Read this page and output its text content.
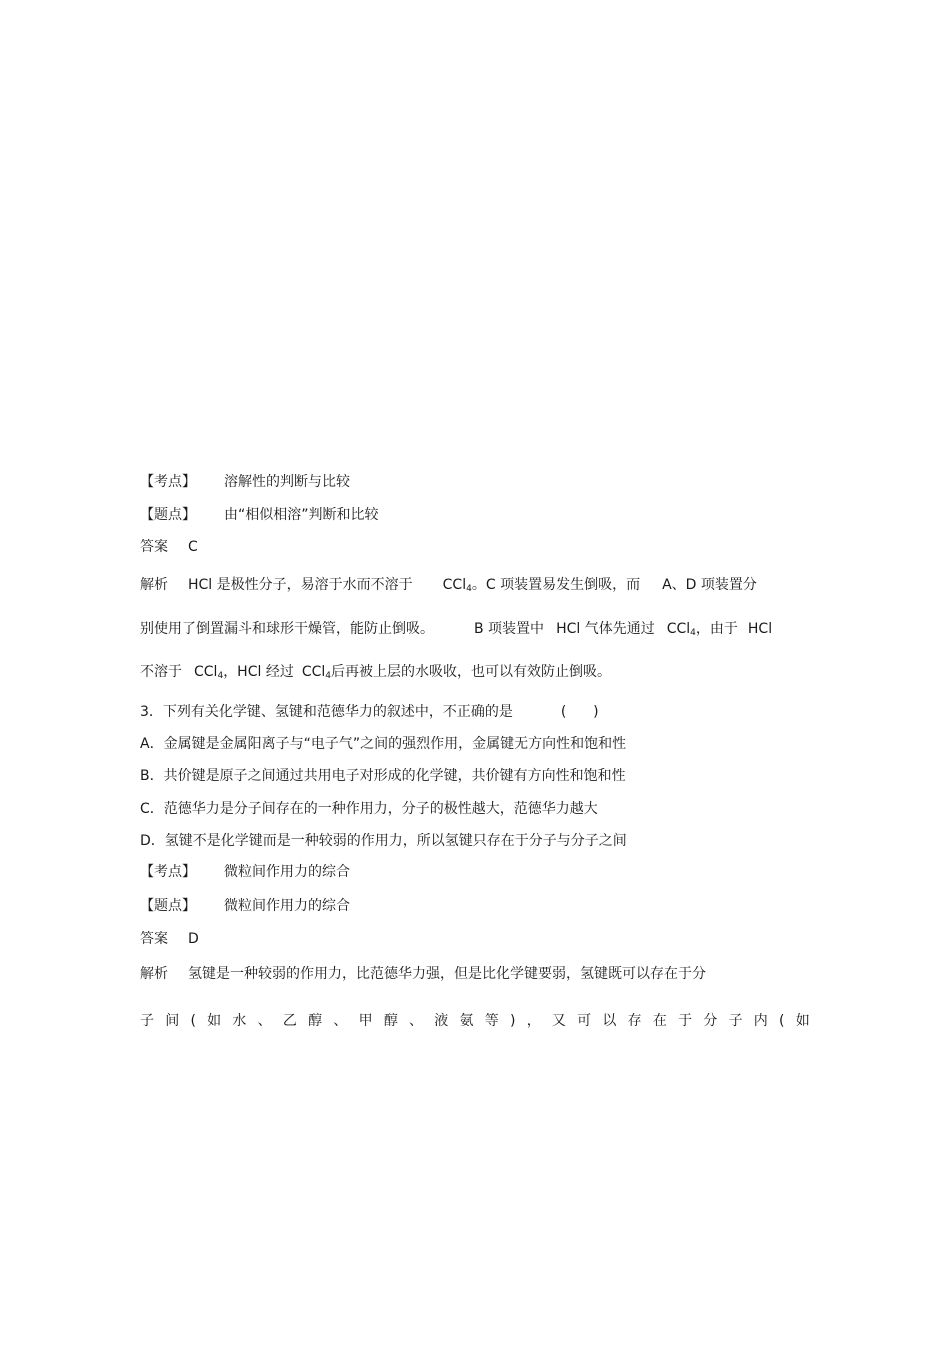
【考点】 溶解性的判断与比较
【题点】 由“相似相溶”判断和比较
答案 C
解析 HCl 是极性分子，易溶于水而不溶于 CCl$_4$。C 项装置易发生倒吸，而 A、D 项装置分
别使用了倒置漏斗和球形干燥管，能防止倒吸。	B 项装置中 HCl 气体先通过 CCl$_4$，由于 HCl
不溶于 CCl$_4$，HCl 经过 CCl$_4$后再被上层的水吸收，也可以有效防止倒吸。
3．下列有关化学键、氢键和范德华力的叙述中，不正确的是	(      )
A．金属键是金属阳离子与“电子气”之间的强烈作用，金属键无方向性和饱和性
B．共价键是原子之间通过共用电子对形成的化学键，共价键有方向性和饱和性
C．范德华力是分子间存在的一种作用力，分子的极性越大，范德华力越大
D．氢键不是化学键而是一种较弱的作用力，所以氢键只存在于分子与分子之间
【考点】 微粒间作用力的综合
【题点】 微粒间作用力的综合
答案 D
解析 氢键是一种较弱的作用力，比范德华力强，但是比化学键要弱，氢键既可以存在于分
子 间 ( 如 水 、 乙 醇 、 甲 醇 、 液 氨 等 ) ， 又 可 以 存 在 于 分 子 内 ( 如
